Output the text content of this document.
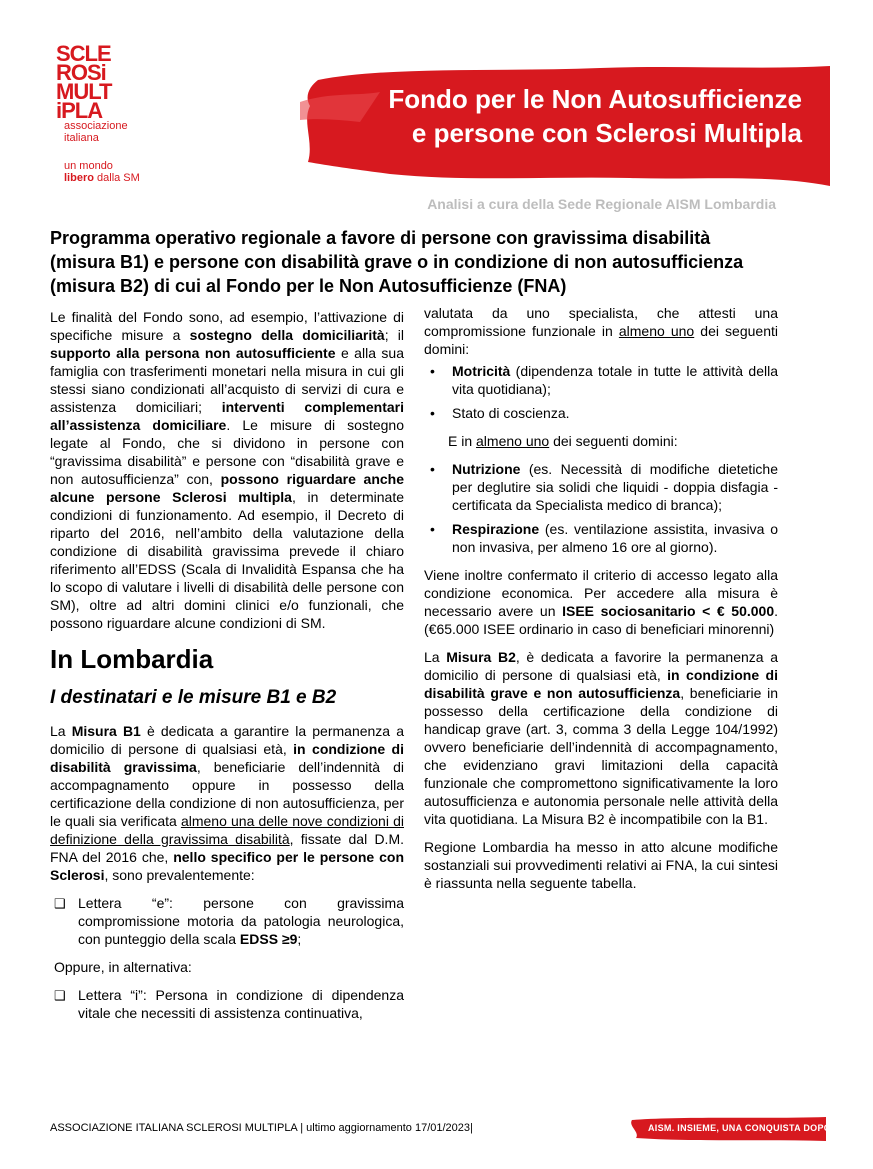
SCLE
ROSi
MULT
iPLA
associazione
italiana
un mondo
libero dalla SM
Fondo per le Non Autosufficienze
e persone con Sclerosi Multipla
Analisi a cura della Sede Regionale AISM Lombardia
Programma operativo regionale a favore di persone con gravissima disabilità (misura B1) e persone con disabilità grave o in condizione di non autosufficienza (misura B2) di cui al Fondo per le Non Autosufficienze (FNA)

Le finalità del Fondo sono, ad esempio, l’attivazione di specifiche misure a sostegno della domiciliarità; il supporto alla persona non autosufficiente e alla sua famiglia con trasferimenti monetari nella misura in cui gli stessi siano condizionati all’acquisto di servizi di cura e assistenza domiciliari; interventi complementari all’assistenza domiciliare. Le misure di sostegno legate al Fondo, che si dividono in persone con “gravissima disabilità” e persone con “disabilità grave e non autosufficienza” con, possono riguardare anche alcune persone Sclerosi multipla, in determinate condizioni di funzionamento. Ad esempio, il Decreto di riparto del 2016, nell’ambito della valutazione della condizione di disabilità gravissima prevede il chiaro riferimento all’EDSS (Scala di Invalidità Espansa che ha lo scopo di valutare i livelli di disabilità delle persone con SM), oltre ad altri domini clinici e/o funzionali, che possono riguardare alcune condizioni di SM.

In Lombardia
I destinatari e le misure B1 e B2

La Misura B1 è dedicata a garantire la permanenza a domicilio di persone di qualsiasi età, in condizione di disabilità gravissima, beneficiarie dell’indennità di accompagnamento oppure in possesso della certificazione della condizione di non autosufficienza, per le quali sia verificata almeno una delle nove condizioni di definizione della gravissima disabilità, fissate dal D.M. FNA del 2016 che, nello specifico per le persone con Sclerosi, sono prevalentemente:

❑ Lettera “e”: persone con gravissima compromissione motoria da patologia neurologica, con punteggio della scala EDSS ≥9;

Oppure, in alternativa:

❑ Lettera “i”: Persona in condizione di dipendenza vitale che necessiti di assistenza continuativa,

valutata da uno specialista, che attesti una compromissione funzionale in almeno uno dei seguenti domini:

• Motricità (dipendenza totale in tutte le attività della vita quotidiana);
• Stato di coscienza.

E in almeno uno dei seguenti domini:

• Nutrizione (es. Necessità di modifiche dietetiche per deglutire sia solidi che liquidi - doppia disfagia - certificata da Specialista medico di branca);
• Respirazione (es. ventilazione assistita, invasiva o non invasiva, per almeno 16 ore al giorno).

Viene inoltre confermato il criterio di accesso legato alla condizione economica. Per accedere alla misura è necessario avere un ISEE sociosanitario < € 50.000. (€65.000 ISEE ordinario in caso di beneficiari minorenni)

La Misura B2, è dedicata a favorire la permanenza a domicilio di persone di qualsiasi età, in condizione di disabilità grave e non autosufficienza, beneficiarie in possesso della certificazione della condizione di handicap grave (art. 3, comma 3 della Legge 104/1992) ovvero beneficiarie dell’indennità di accompagnamento, che evidenziano gravi limitazioni della capacità funzionale che compromettono significativamente la loro autosufficienza e autonomia personale nelle attività della vita quotidiana. La Misura B2 è incompatibile con la B1.

Regione Lombardia ha messo in atto alcune modifiche sostanziali sui provvedimenti relativi ai FNA, la cui sintesi è riassunta nella seguente tabella.

ASSOCIAZIONE ITALIANA SCLEROSI MULTIPLA | ultimo aggiornamento 17/01/2023|	AISM. INSIEME, UNA CONQUISTA DOPO L’ALTRA
